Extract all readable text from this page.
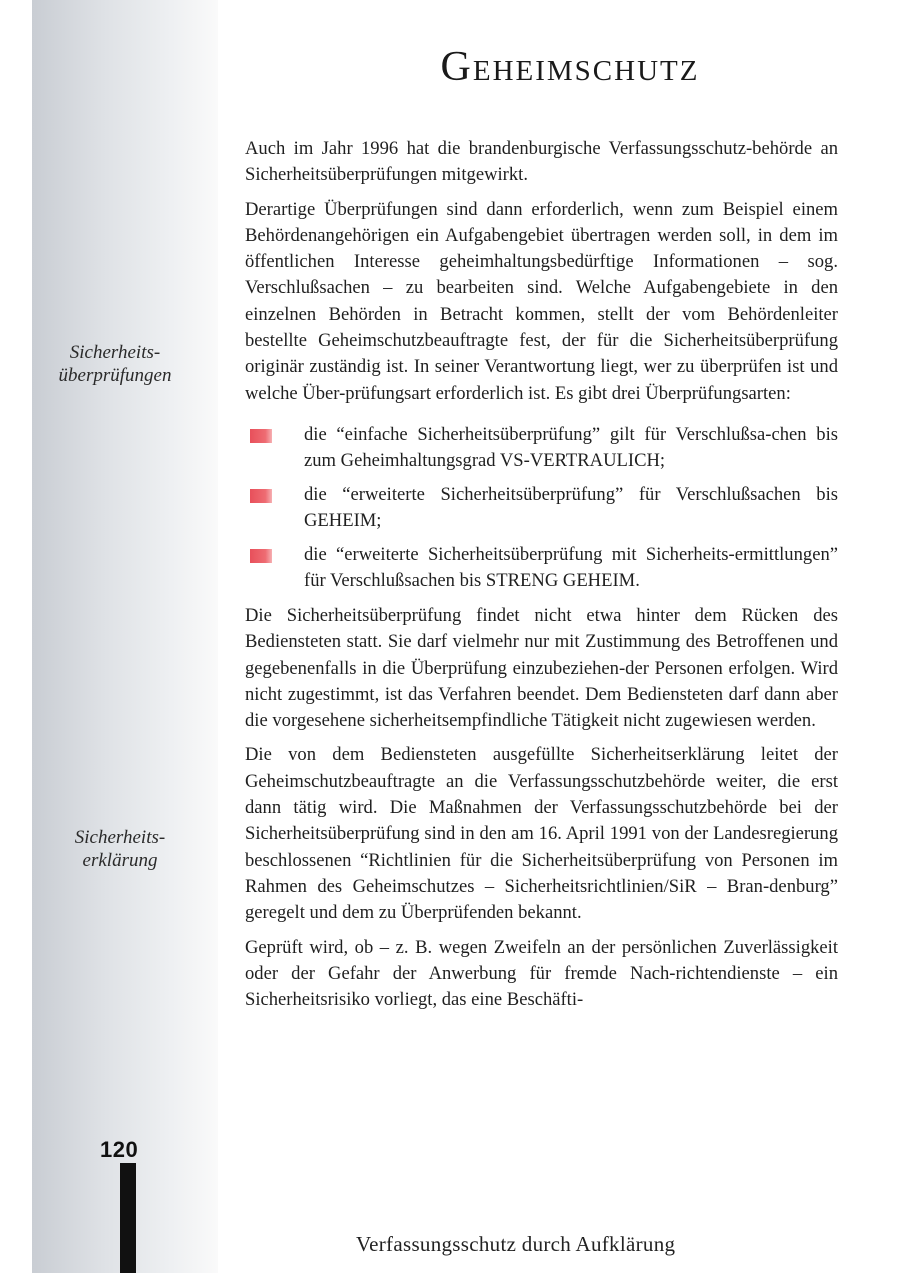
Sicherheits-
überprüfungen
Sicherheits-
erklärung
Geheimschutz

Auch im Jahr 1996 hat die brandenburgische Verfassungsschutz-behörde an Sicherheitsüberprüfungen mitgewirkt.

Derartige Überprüfungen sind dann erforderlich, wenn zum Beispiel einem Behördenangehörigen ein Aufgabengebiet übertragen werden soll, in dem im öffentlichen Interesse geheimhaltungsbedürftige Informationen – sog. Verschlußsachen – zu bearbeiten sind. Welche Aufgabengebiete in den einzelnen Behörden in Betracht kommen, stellt der vom Behördenleiter bestellte Geheimschutzbeauftragte fest, der für die Sicherheitsüberprüfung originär zuständig ist. In seiner Verantwortung liegt, wer zu überprüfen ist und welche Über-prüfungsart erforderlich ist. Es gibt drei Überprüfungsarten:

die “einfache Sicherheitsüberprüfung” gilt für Verschlußsa-chen bis zum Geheimhaltungsgrad VS-VERTRAULICH;
die “erweiterte Sicherheitsüberprüfung” für Verschlußsachen bis GEHEIM;
die “erweiterte Sicherheitsüberprüfung mit Sicherheits-ermittlungen” für Verschlußsachen bis STRENG GEHEIM.

Die Sicherheitsüberprüfung findet nicht etwa hinter dem Rücken des Bediensteten statt. Sie darf vielmehr nur mit Zustimmung des Betroffenen und gegebenenfalls in die Überprüfung einzubeziehen-der Personen erfolgen. Wird nicht zugestimmt, ist das Verfahren beendet. Dem Bediensteten darf dann aber die vorgesehene sicherheitsempfindliche Tätigkeit nicht zugewiesen werden.

Die von dem Bediensteten ausgefüllte Sicherheitserklärung leitet der Geheimschutzbeauftragte an die Verfassungsschutzbehörde weiter, die erst dann tätig wird. Die Maßnahmen der Verfassungsschutzbehörde bei der Sicherheitsüberprüfung sind in den am 16. April 1991 von der Landesregierung beschlossenen “Richtlinien für die Sicherheitsüberprüfung von Personen im Rahmen des Geheimschutzes – Sicherheitsrichtlinien/SiR – Bran-denburg” geregelt und dem zu Überprüfenden bekannt.

Geprüft wird, ob – z. B. wegen Zweifeln an der persönlichen Zuverlässigkeit oder der Gefahr der Anwerbung für fremde Nach-richtendienste – ein Sicherheitsrisiko vorliegt, das eine Beschäfti-

120
Verfassungsschutz durch Aufklärung
